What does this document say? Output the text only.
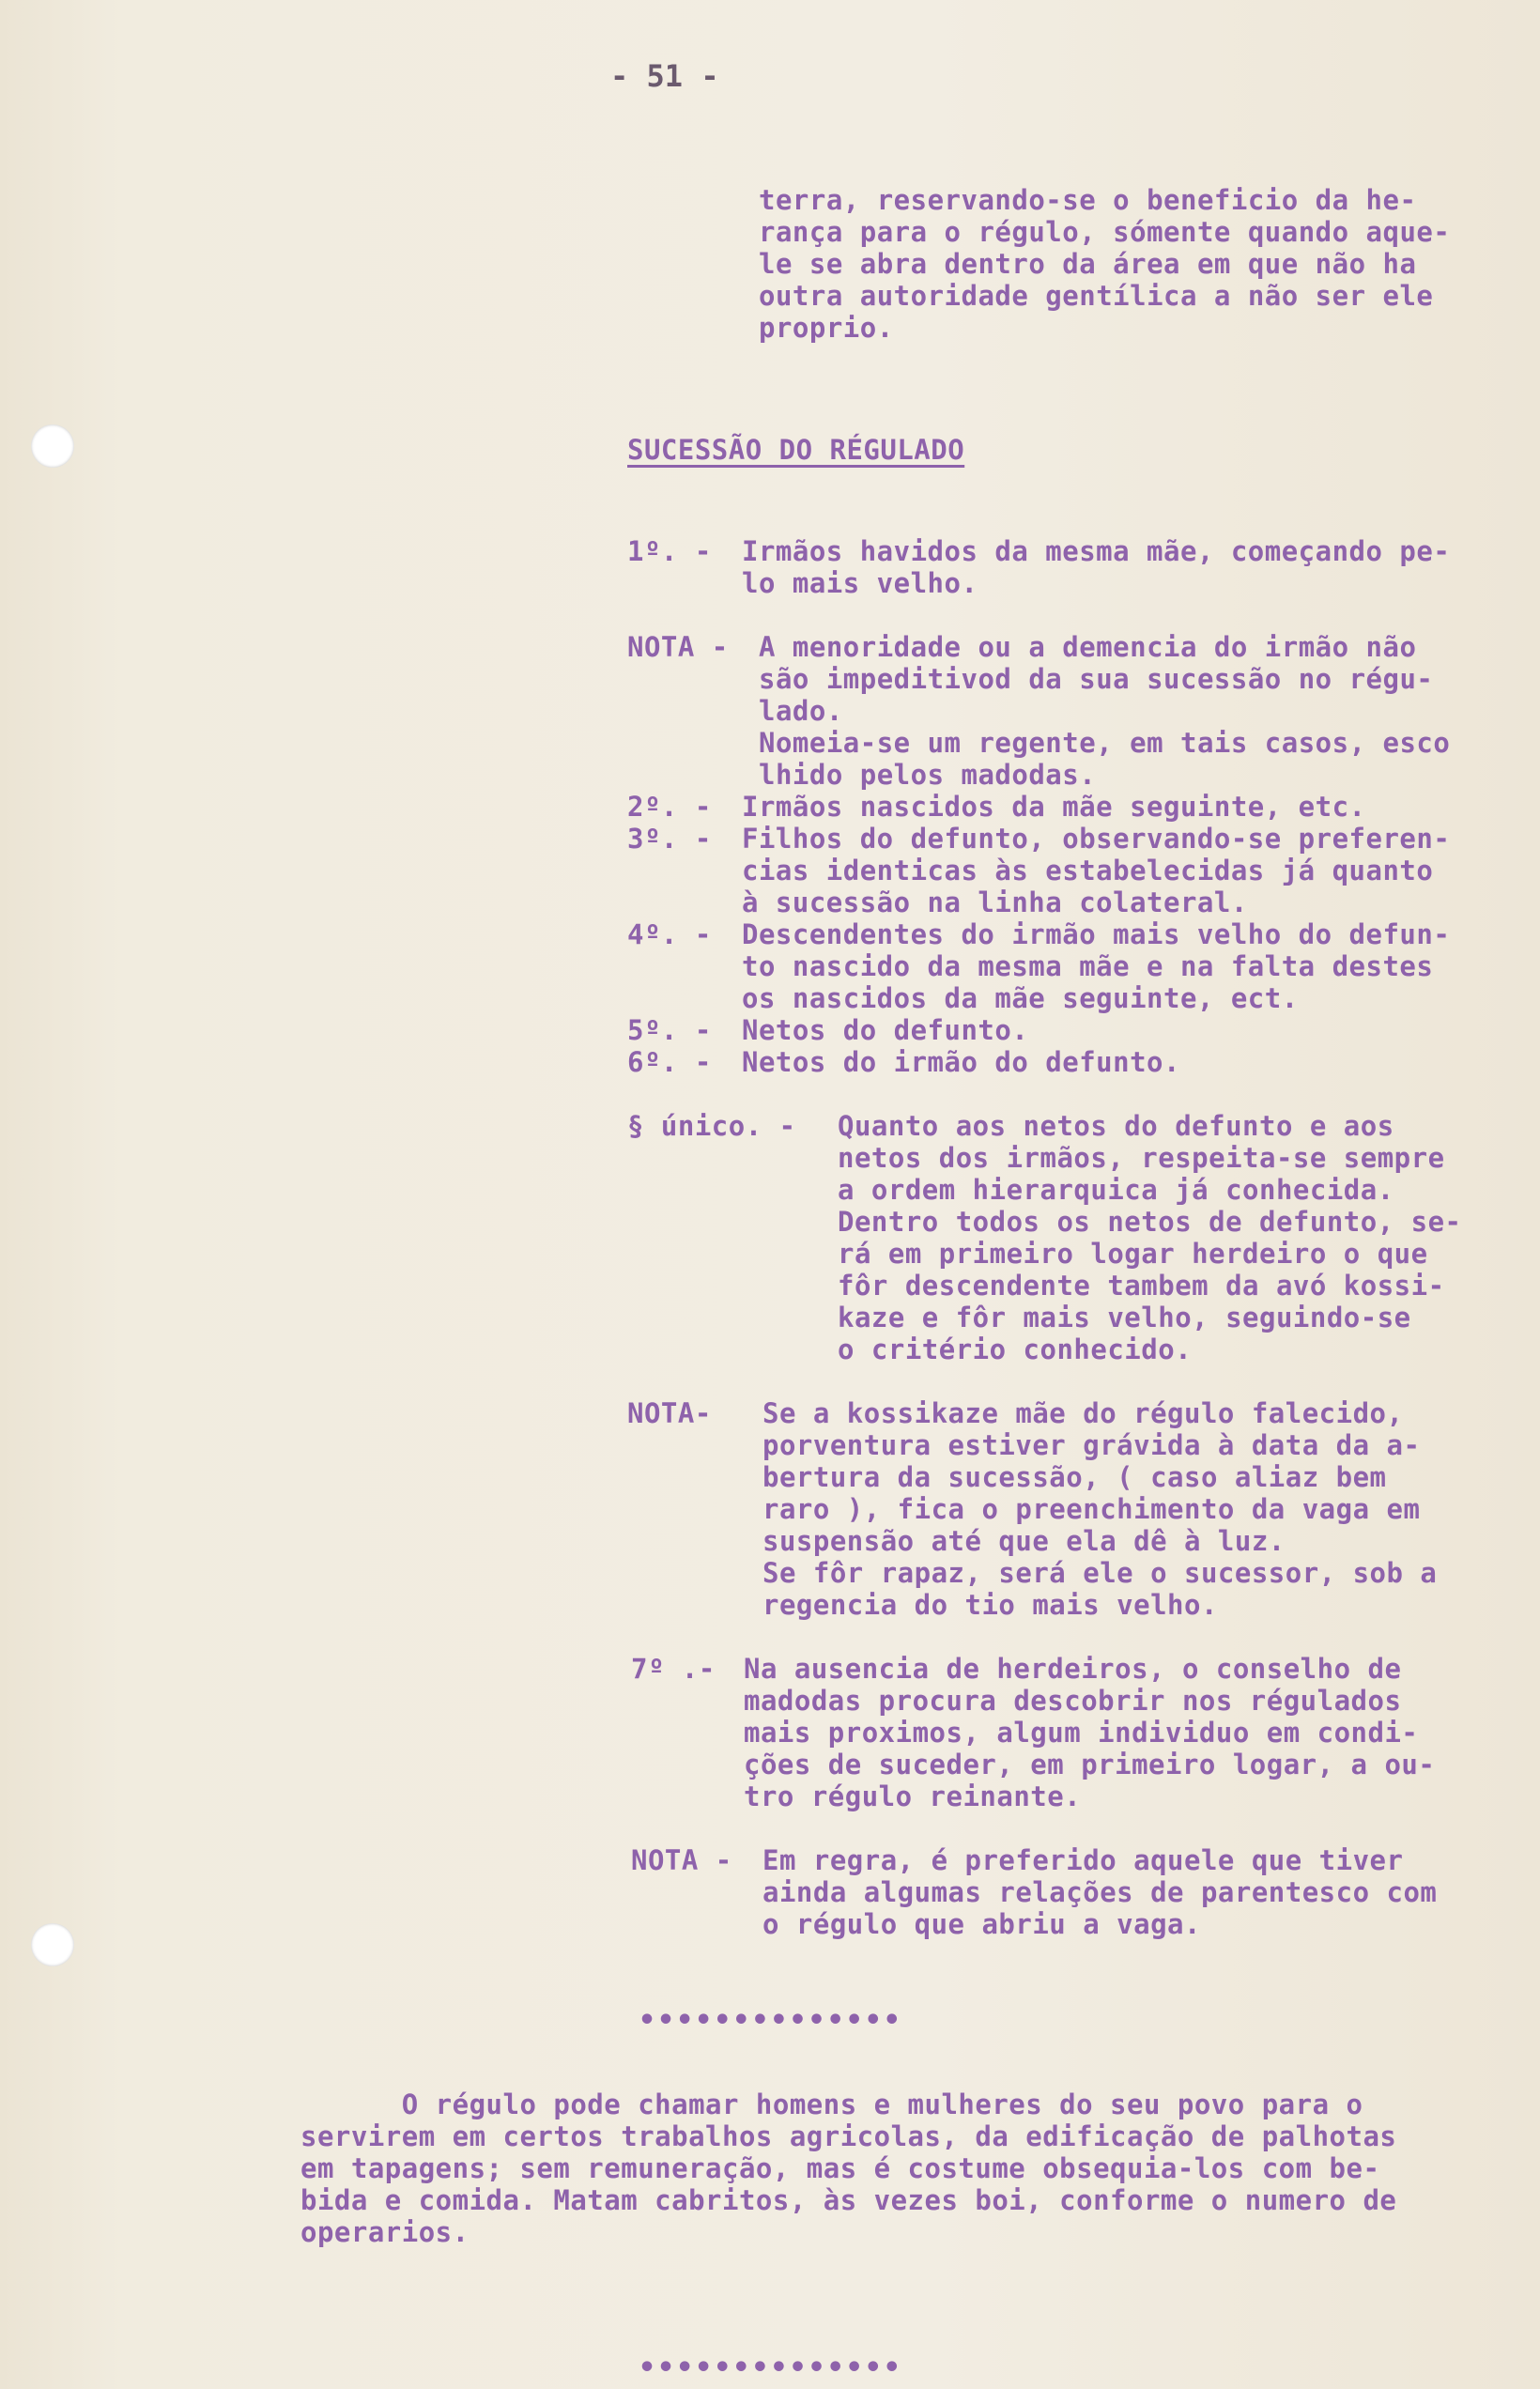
- 51 -
terra, reservando-se o beneficio da he-
rança para o régulo, sómente quando aque-
le se abra dentro da área em que não ha
outra autoridade gentílica a não ser ele
proprio.
SUCESSÃO DO RÉGULADO
1º. - Irmãos havidos da mesma mãe, começando pe-
lo mais velho.
NOTA - A menoridade ou a demencia do irmão não
são impeditivod da sua sucessão no régu-
lado.
Nomeia-se um regente, em tais casos, esco
lhido pelos madodas.
2º. - Irmãos nascidos da mãe seguinte, etc.
3º. - Filhos do defunto, observando-se preferen-
cias identicas às estabelecidas já quanto
à sucessão na linha colateral.
4º. - Descendentes do irmão mais velho do defun-
to nascido da mesma mãe e na falta destes
os nascidos da mãe seguinte, ect.
5º. - Netos do defunto.
6º. - Netos do irmão do defunto.
§ único. - Quanto aos netos do defunto e aos
netos dos irmãos, respeita-se sempre
a ordem hierarquica já conhecida.
Dentro todos os netos de defunto, se-
rá em primeiro logar herdeiro o que
fôr descendente tambem da avó kossi-
kaze e fôr mais velho, seguindo-se
o critério conhecido.
NOTA- Se a kossikaze mãe do régulo falecido,
porventura estiver grávida à data da a-
bertura da sucessão, ( caso aliaz bem
raro ), fica o preenchimento da vaga em
suspensão até que ela dê à luz.
Se fôr rapaz, será ele o sucessor, sob a
regencia do tio mais velho.
7º .- Na ausencia de herdeiros, o conselho de
madodas procura descobrir nos régulados
mais proximos, algum individuo em condi-
ções de suceder, em primeiro logar, a ou-
tro régulo reinante.
NOTA - Em regra, é preferido aquele que tiver
ainda algumas relações de parentesco com
o régulo que abriu a vaga.
••••••••••••••
O régulo pode chamar homens e mulheres do seu povo para o
servirem em certos trabalhos agricolas, da edificação de palhotas
em tapagens; sem remuneração, mas é costume obsequia-los com be-
bida e comida. Matam cabritos, às vezes boi, conforme o numero de
operarios.
••••••••••••••
